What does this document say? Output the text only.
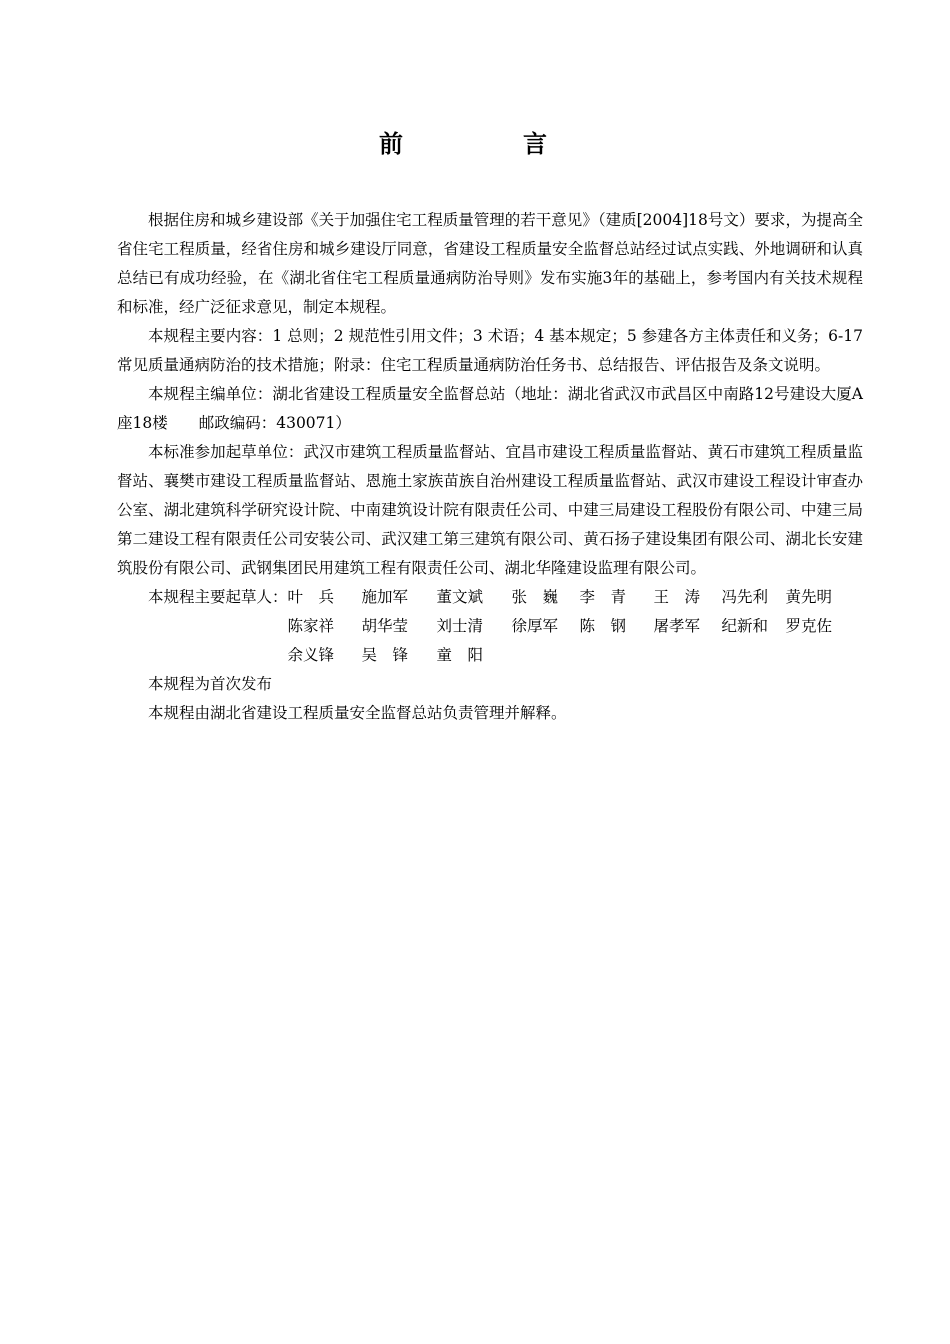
前　言

根据住房和城乡建设部《关于加强住宅工程质量管理的若干意见》（建质[2004]18号文）要求，为提高全省住宅工程质量，经省住房和城乡建设厅同意，省建设工程质量安全监督总站经过试点实践、外地调研和认真总结已有成功经验，在《湖北省住宅工程质量通病防治导则》发布实施3年的基础上，参考国内有关技术规程和标准，经广泛征求意见，制定本规程。

本规程主要内容：1 总则；2 规范性引用文件；3 术语；4 基本规定；5 参建各方主体责任和义务；6-17 常见质量通病防治的技术措施；附录：住宅工程质量通病防治任务书、总结报告、评估报告及条文说明。

本规程主编单位：湖北省建设工程质量安全监督总站（地址：湖北省武汉市武昌区中南路12号建设大厦A座18楼　　邮政编码：430071）

本标准参加起草单位：武汉市建筑工程质量监督站、宜昌市建设工程质量监督站、黄石市建筑工程质量监督站、襄樊市建设工程质量监督站、恩施土家族苗族自治州建设工程质量监督站、武汉市建设工程设计审查办公室、湖北建筑科学研究设计院、中南建筑设计院有限责任公司、中建三局建设工程股份有限公司、中建三局第二建设工程有限责任公司安装公司、武汉建工第三建筑有限公司、黄石扬子建设集团有限公司、湖北长安建筑股份有限公司、武钢集团民用建筑工程有限责任公司、湖北华隆建设监理有限公司。

本规程主要起草人： 叶　兵	施加军	董文斌	张　巍	李　青	王　涛	冯先利	黄先明
陈家祥	胡华莹	刘士清	徐厚军	陈　钢	屠孝军	纪新和	罗克佐
余义锋	吴　锋	童　阳

本规程为首次发布

本规程由湖北省建设工程质量安全监督总站负责管理并解释。
